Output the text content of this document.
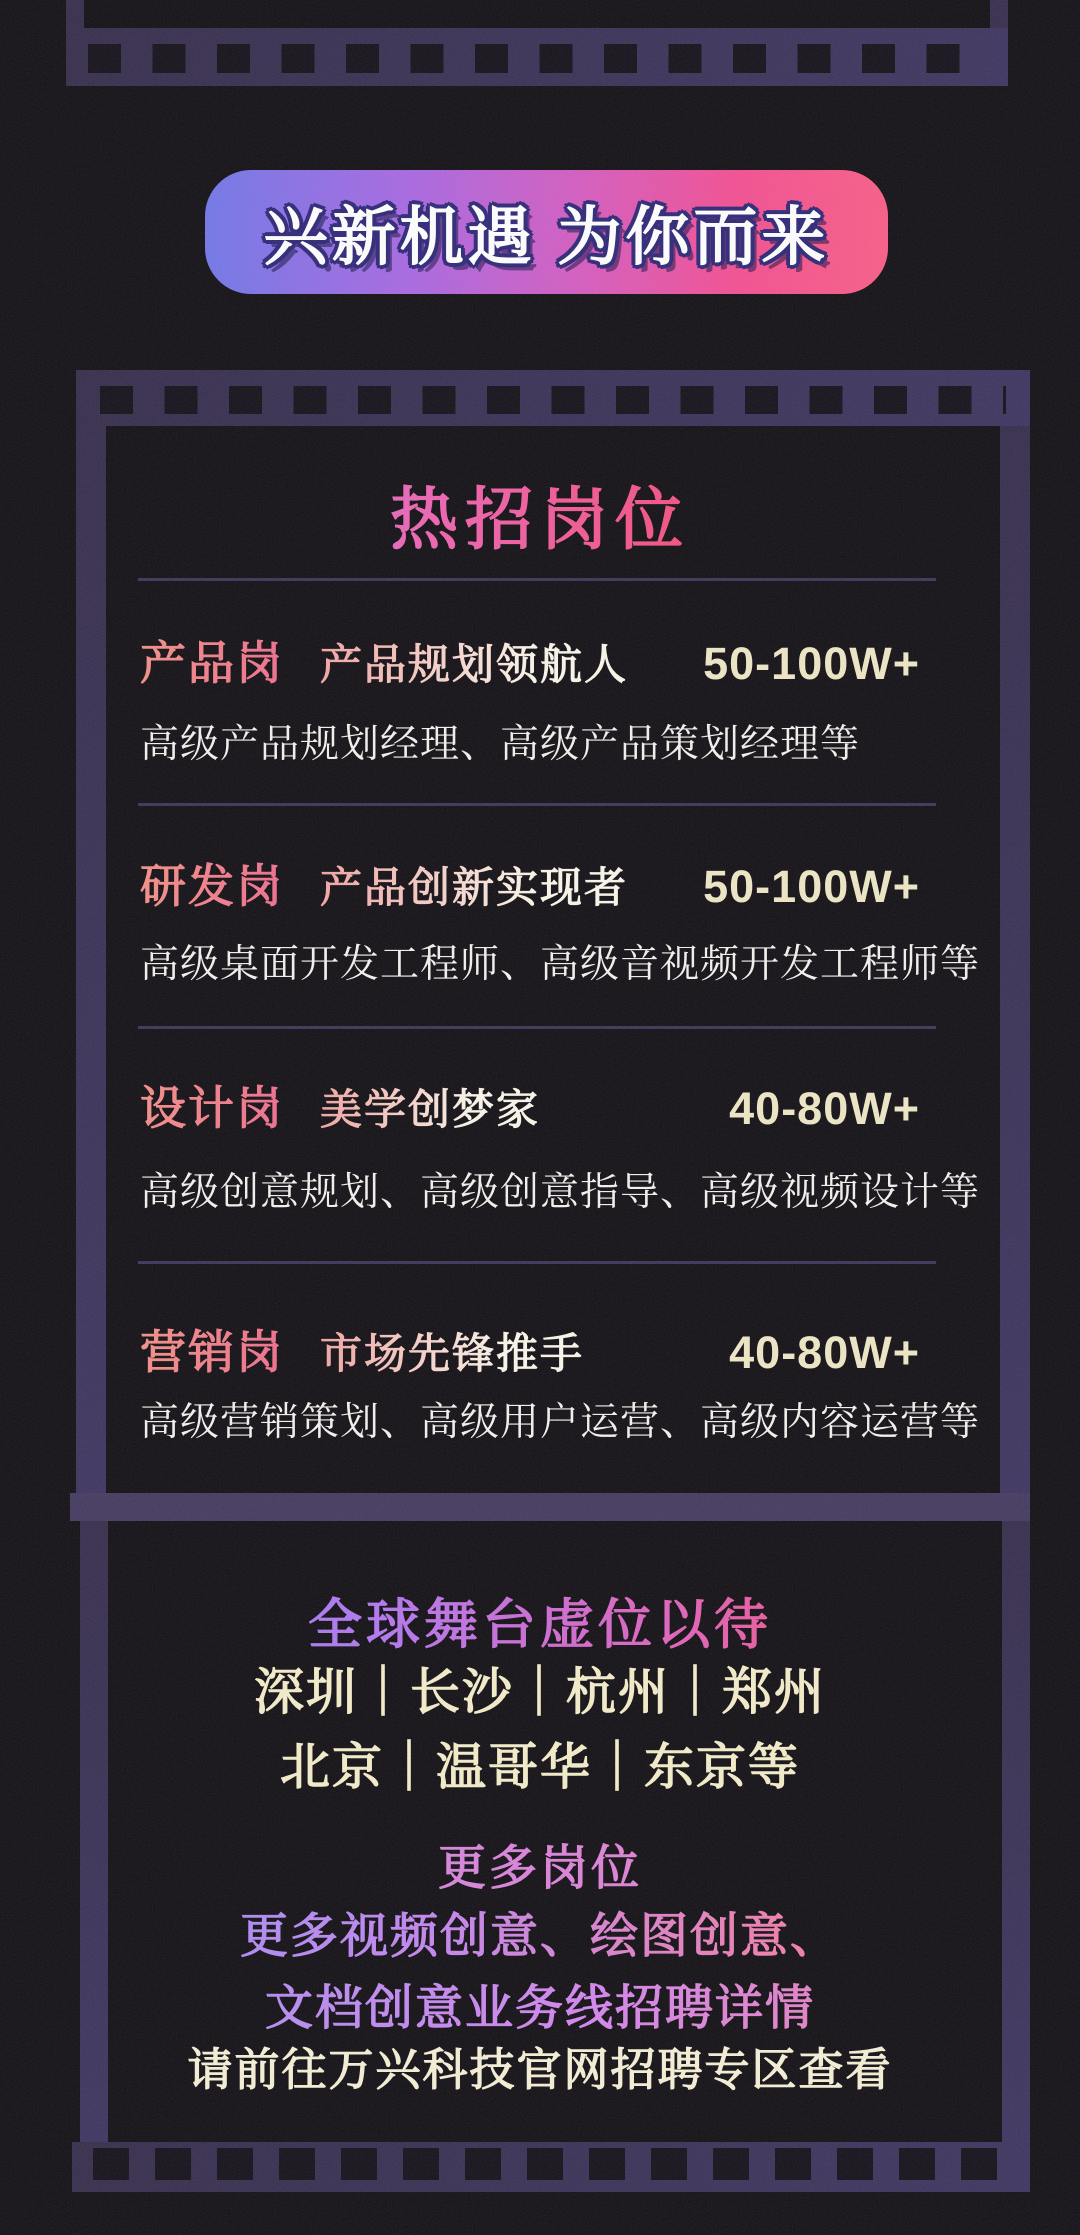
兴新机遇 为你而来
热招岗位
产品岗 产品规划领航人 50-100W+
高级产品规划经理、高级产品策划经理等
研发岗 产品创新实现者 50-100W+
高级桌面开发工程师、高级音视频开发工程师等
设计岗 美学创梦家	40-80W+
高级创意规划、高级创意指导、高级视频设计等
营销岗 市场先锋推手	40-80W+
高级营销策划、高级用户运营、高级内容运营等
全球舞台虚位以待
深圳｜长沙｜杭州｜郑州
北京｜温哥华｜东京等
更多岗位
更多视频创意、绘图创意、
文档创意业务线招聘详情
请前往万兴科技官网招聘专区查看
